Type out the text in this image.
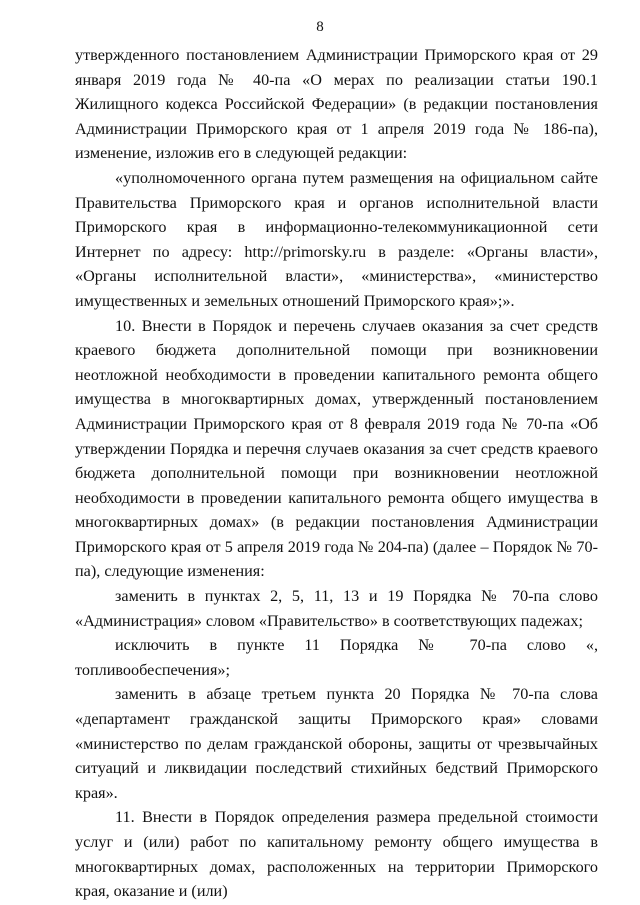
8

утвержденного постановлением Администрации Приморского края от 29 января 2019 года № 40-па «О мерах по реализации статьи 190.1 Жилищного кодекса Российской Федерации» (в редакции постановления Администрации Приморского края от 1 апреля 2019 года № 186-па), изменение, изложив его в следующей редакции:

«уполномоченного органа путем размещения на официальном сайте Правительства Приморского края и органов исполнительной власти Приморского края в информационно-телекоммуникационной сети Интернет по адресу: http://primorsky.ru в разделе: «Органы власти», «Органы исполнительной власти», «министерства», «министерство имущественных и земельных отношений Приморского края»;».

10. Внести в Порядок и перечень случаев оказания за счет средств краевого бюджета дополнительной помощи при возникновении неотложной необходимости в проведении капитального ремонта общего имущества в многоквартирных домах, утвержденный постановлением Администрации Приморского края от 8 февраля 2019 года № 70-па «Об утверждении Порядка и перечня случаев оказания за счет средств краевого бюджета дополнительной помощи при возникновении неотложной необходимости в проведении капитального ремонта общего имущества в многоквартирных домах» (в редакции постановления Администрации Приморского края от 5 апреля 2019 года № 204-па) (далее – Порядок № 70-па), следующие изменения:

заменить в пунктах 2, 5, 11, 13 и 19 Порядка № 70-па слово «Администрация» словом «Правительство» в соответствующих падежах;

исключить в пункте 11 Порядка № 70-па слово «, топливообеспечения»;

заменить в абзаце третьем пункта 20 Порядка № 70-па слова «департамент гражданской защиты Приморского края» словами «министерство по делам гражданской обороны, защиты от чрезвычайных ситуаций и ликвидации последствий стихийных бедствий Приморского края».

11. Внести в Порядок определения размера предельной стоимости услуг и (или) работ по капитальному ремонту общего имущества в многоквартирных домах, расположенных на территории Приморского края, оказание и (или)
